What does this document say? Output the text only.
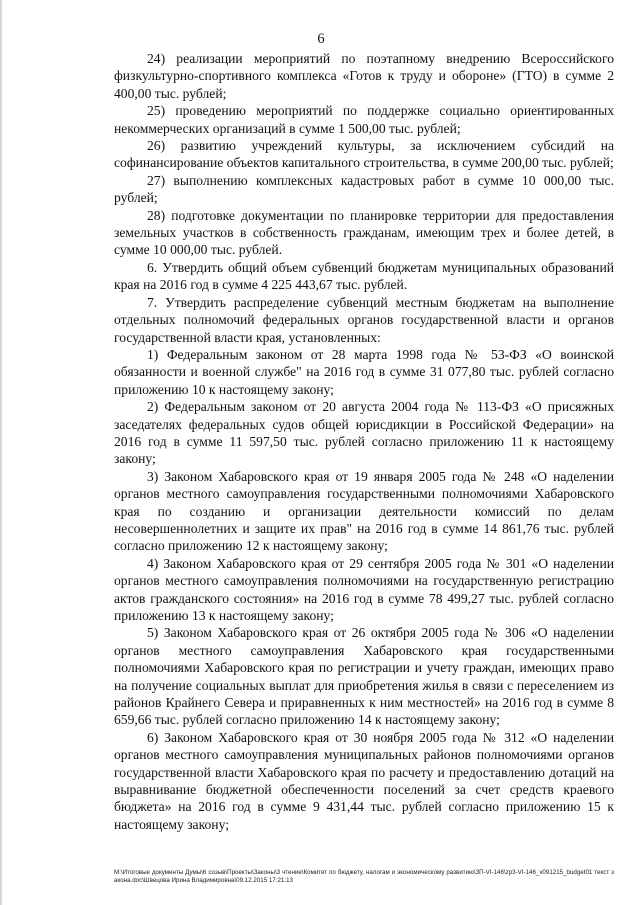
6

24) реализации мероприятий по поэтапному внедрению Всероссийского физкультурно-спортивного комплекса «Готов к труду и обороне» (ГТО) в сумме 2 400,00 тыс. рублей;

25) проведению мероприятий по поддержке социально ориентированных некоммерческих организаций в сумме 1 500,00 тыс. рублей;

26) развитию учреждений культуры, за исключением субсидий на софинансирование объектов капитального строительства, в сумме 200,00 тыс. рублей;

27) выполнению комплексных кадастровых работ в сумме 10 000,00 тыс. рублей;

28) подготовке документации по планировке территории для предоставления земельных участков в собственность гражданам, имеющим трех и более детей, в сумме 10 000,00 тыс. рублей.

6. Утвердить общий объем субвенций бюджетам муниципальных образований края на 2016 год в сумме 4 225 443,67 тыс. рублей.

7. Утвердить распределение субвенций местным бюджетам на выполнение отдельных полномочий федеральных органов государственной власти и органов государственной власти края, установленных:

1) Федеральным законом от 28 марта 1998 года № 53-ФЗ «О воинской обязанности и военной службе" на 2016 год в сумме 31 077,80 тыс. рублей согласно приложению 10 к настоящему закону;

2) Федеральным законом от 20 августа 2004 года № 113-ФЗ «О присяжных заседателях федеральных судов общей юрисдикции в Российской Федерации» на 2016 год в сумме 11 597,50 тыс. рублей согласно приложению 11 к настоящему закону;

3) Законом Хабаровского края от 19 января 2005 года № 248 «О наделении органов местного самоуправления государственными полномочиями Хабаровского края по созданию и организации деятельности комиссий по делам несовершеннолетних и защите их прав" на 2016 год в сумме 14 861,76 тыс. рублей согласно приложению 12 к настоящему закону;

4) Законом Хабаровского края от 29 сентября 2005 года № 301 «О наделении органов местного самоуправления полномочиями на государственную регистрацию актов гражданского состояния» на 2016 год в сумме 78 499,27 тыс. рублей согласно приложению 13 к настоящему закону;

5) Законом Хабаровского края от 26 октября 2005 года № 306 «О наделении органов местного самоуправления Хабаровского края государственными полномочиями Хабаровского края по регистрации и учету граждан, имеющих право на получение социальных выплат для приобретения жилья в связи с переселением из районов Крайнего Севера и приравненных к ним местностей» на 2016 год в сумме 8 659,66 тыс. рублей согласно приложению 14 к настоящему закону;

6) Законом Хабаровского края от 30 ноября 2005 года № 312 «О наделении органов местного самоуправления муниципальных районов полномочиями органов государственной власти Хабаровского края по расчету и предоставлению дотаций на выравнивание бюджетной обеспеченности поселений за счет средств краевого бюджета» на 2016 год в сумме 9 431,44 тыс. рублей согласно приложению 15 к настоящему закону;

M:\Итоговые документы Думы\6 созыв\Проекты\Законы\3 чтение\Комитет по бюджету, налогам и экономическому развитию\ЗП-VI-146\zp3-VI-146_v091215_budget01 текст закона.doc\Швецова Ирина Владимировна\09.12.2015 17:21:13
